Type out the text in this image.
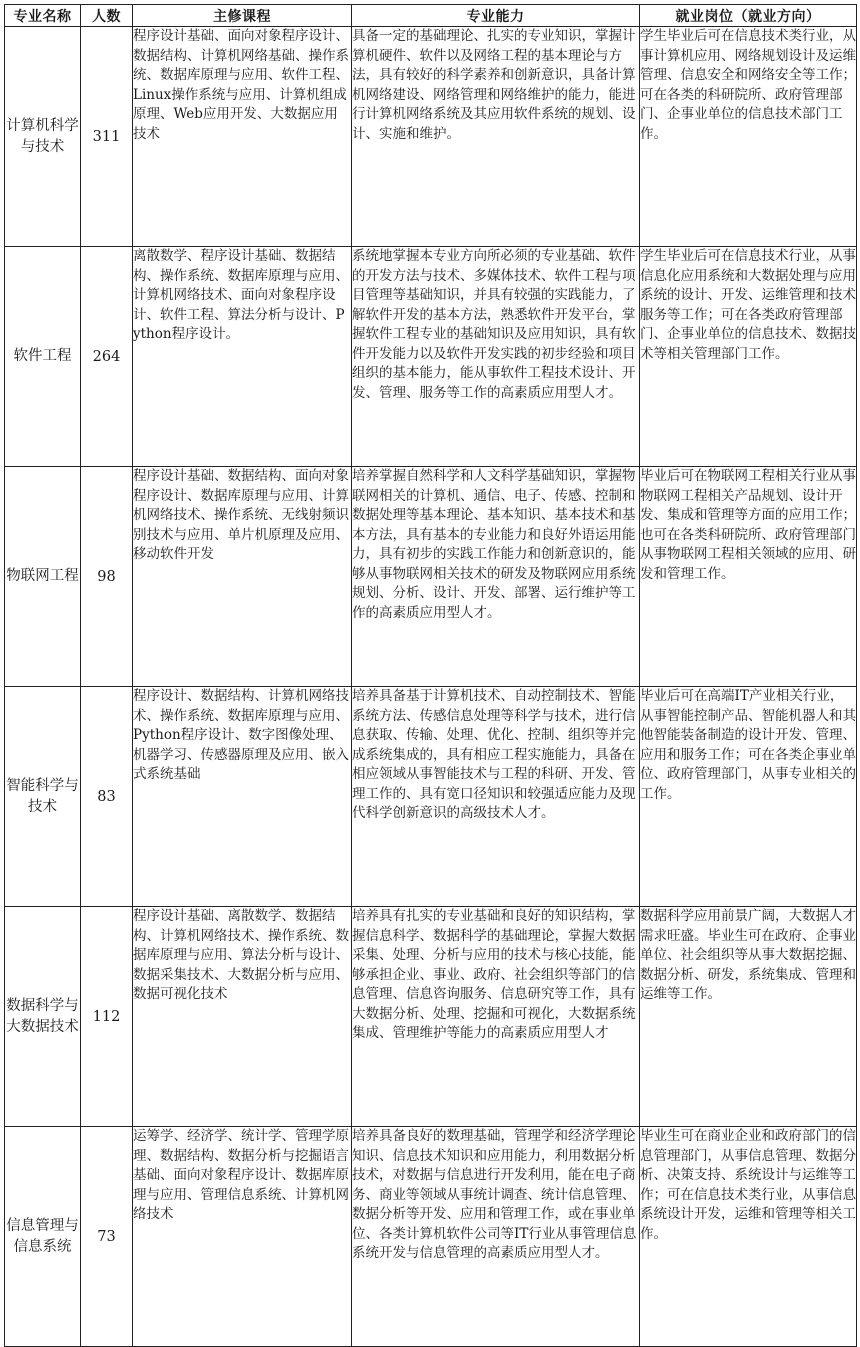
专业名称	人数	主修课程	专业能力	就业岗位（就业方向）
计算机科学与技术	311	程序设计基础、面向对象程序设计、数据结构、计算机网络基础、操作系统、数据库原理与应用、软件工程、Linux操作系统与应用、计算机组成原理、Web应用开发、大数据应用技术	具备一定的基础理论、扎实的专业知识，掌握计算机硬件、软件以及网络工程的基本理论与方法，具有较好的科学素养和创新意识，具备计算机网络建设、网络管理和网络维护的能力，能进行计算机网络系统及其应用软件系统的规划、设计、实施和维护。	学生毕业后可在信息技术类行业，从事计算机应用、网络规划设计及运维管理、信息安全和网络安全等工作；可在各类的科研院所、政府管理部门、企事业单位的信息技术部门工作。

软件工程	264	离散数学、程序设计基础、数据结构、操作系统、数据库原理与应用、计算机网络技术、面向对象程序设计、软件工程、算法分析与设计、Python程序设计。	系统地掌握本专业方向所必须的专业基础、软件的开发方法与技术、多媒体技术、软件工程与项目管理等基础知识，并具有较强的实践能力，了解软件开发的基本方法，熟悉软件开发平台，掌握软件工程专业的基础知识及应用知识，具有软件开发能力以及软件开发实践的初步经验和项目组织的基本能力，能从事软件工程技术设计、开发、管理、服务等工作的高素质应用型人才。	学生毕业后可在信息技术行业，从事信息化应用系统和大数据处理与应用系统的设计、开发、运维管理和技术服务等工作；可在各类政府管理部门、企事业单位的信息技术、数据技术等相关管理部门工作。

物联网工程	98	程序设计基础、数据结构、面向对象程序设计、数据库原理与应用、计算机网络技术、操作系统、无线射频识别技术与应用、单片机原理及应用、移动软件开发	培养掌握自然科学和人文科学基础知识，掌握物联网相关的计算机、通信、电子、传感、控制和数据处理等基本理论、基本知识、基本技术和基本方法，具有基本的专业能力和良好外语运用能力，具有初步的实践工作能力和创新意识的，能够从事物联网相关技术的研发及物联网应用系统规划、分析、设计、开发、部署、运行维护等工作的高素质应用型人才。	毕业后可在物联网工程相关行业从事物联网工程相关产品规划、设计开发、集成和管理等方面的应用工作；也可在各类科研院所、政府管理部门从事物联网工程相关领域的应用、研发和管理工作。

智能科学与技术	83	程序设计、数据结构、计算机网络技术、操作系统、数据库原理与应用、Python程序设计、数字图像处理、机器学习、传感器原理及应用、嵌入式系统基础	培养具备基于计算机技术、自动控制技术、智能系统方法、传感信息处理等科学与技术，进行信息获取、传输、处理、优化、控制、组织等并完成系统集成的，具有相应工程实施能力，具备在相应领域从事智能技术与工程的科研、开发、管理工作的、具有宽口径知识和较强适应能力及现代科学创新意识的高级技术人才。	毕业后可在高端IT产业相关行业，从事智能控制产品、智能机器人和其他智能装备制造的设计开发、管理、应用和服务工作；可在各类企事业单位、政府管理部门，从事专业相关的工作。

数据科学与大数据技术	112	程序设计基础、离散数学、数据结构、计算机网络技术、操作系统、数据库原理与应用、算法分析与设计、数据采集技术、大数据分析与应用、数据可视化技术	培养具有扎实的专业基础和良好的知识结构，掌握信息科学、数据科学的基础理论，掌握大数据采集、处理、分析与应用的技术与核心技能，能够承担企业、事业、政府、社会组织等部门的信息管理、信息咨询服务、信息研究等工作，具有大数据分析、处理、挖掘和可视化，大数据系统集成、管理维护等能力的高素质应用型人才	数据科学应用前景广阔，大数据人才需求旺盛。毕业生可在政府、企事业单位、社会组织等从事大数据挖掘、数据分析、研发，系统集成、管理和运维等工作。

信息管理与信息系统	73	运筹学、经济学、统计学、管理学原理、数据结构、数据分析与挖掘语言基础、面向对象程序设计、数据库原理与应用、管理信息系统、计算机网络技术	培养具备良好的数理基础，管理学和经济学理论知识、信息技术知识和应用能力，利用数据分析技术，对数据与信息进行开发利用，能在电子商务、商业等领域从事统计调查、统计信息管理、数据分析等开发、应用和管理工作，或在事业单位、各类计算机软件公司等IT行业从事管理信息系统开发与信息管理的高素质应用型人才。	毕业生可在商业企业和政府部门的信息管理部门，从事信息管理、数据分析、决策支持、系统设计与运维等工作；可在信息技术类行业，从事信息系统设计开发，运维和管理等相关工作。
